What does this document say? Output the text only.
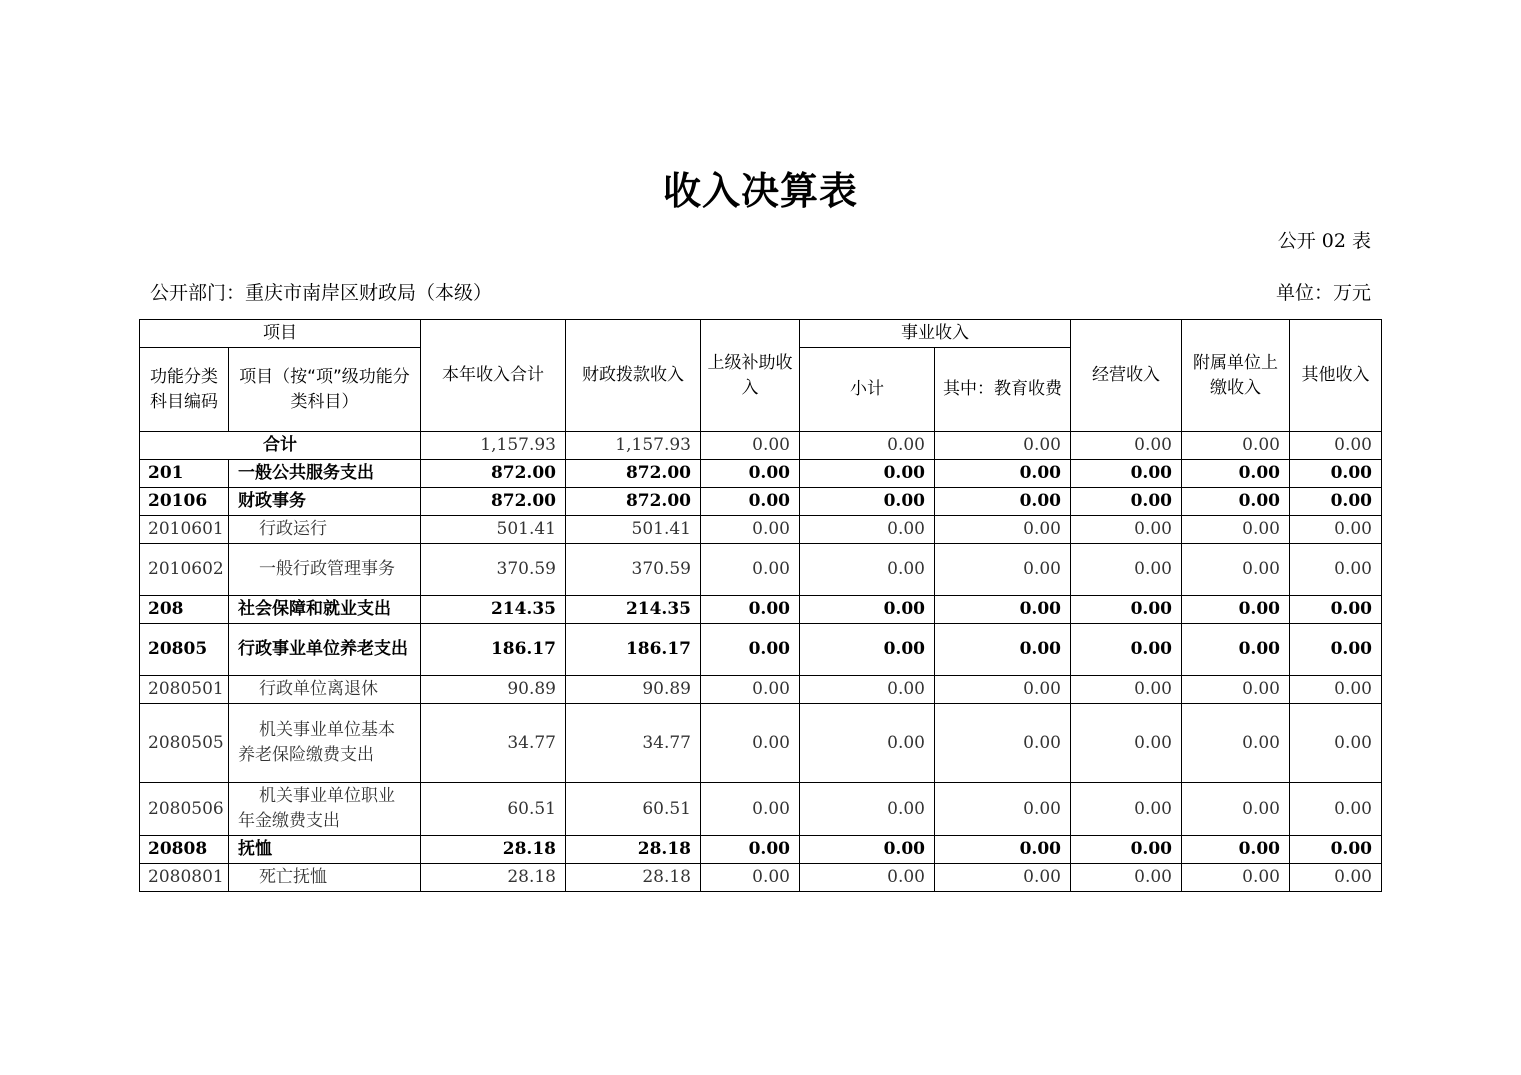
收入决算表
公开 02 表
公开部门：重庆市南岸区财政局（本级）	单位：万元
项目		本年收入合计	财政拨款收入	上级补助收入	事业收入		经营收入	附属单位上缴收入	其他收入
功能分类科目编码	项目（按“项”级功能分类科目）				小计	其中：教育收费			
合计		1,157.93	1,157.93	0.00	0.00	0.00	0.00	0.00	0.00
201	一般公共服务支出	872.00	872.00	0.00	0.00	0.00	0.00	0.00	0.00
20106	财政事务	872.00	872.00	0.00	0.00	0.00	0.00	0.00	0.00
2010601	行政运行	501.41	501.41	0.00	0.00	0.00	0.00	0.00	0.00
2010602	一般行政管理事务	370.59	370.59	0.00	0.00	0.00	0.00	0.00	0.00
208	社会保障和就业支出	214.35	214.35	0.00	0.00	0.00	0.00	0.00	0.00
20805	行政事业单位养老支出	186.17	186.17	0.00	0.00	0.00	0.00	0.00	0.00
2080501	行政单位离退休	90.89	90.89	0.00	0.00	0.00	0.00	0.00	0.00
2080505	机关事业单位基本养老保险缴费支出	34.77	34.77	0.00	0.00	0.00	0.00	0.00	0.00
2080506	机关事业单位职业年金缴费支出	60.51	60.51	0.00	0.00	0.00	0.00	0.00	0.00
20808	抚恤	28.18	28.18	0.00	0.00	0.00	0.00	0.00	0.00
2080801	死亡抚恤	28.18	28.18	0.00	0.00	0.00	0.00	0.00	0.00
